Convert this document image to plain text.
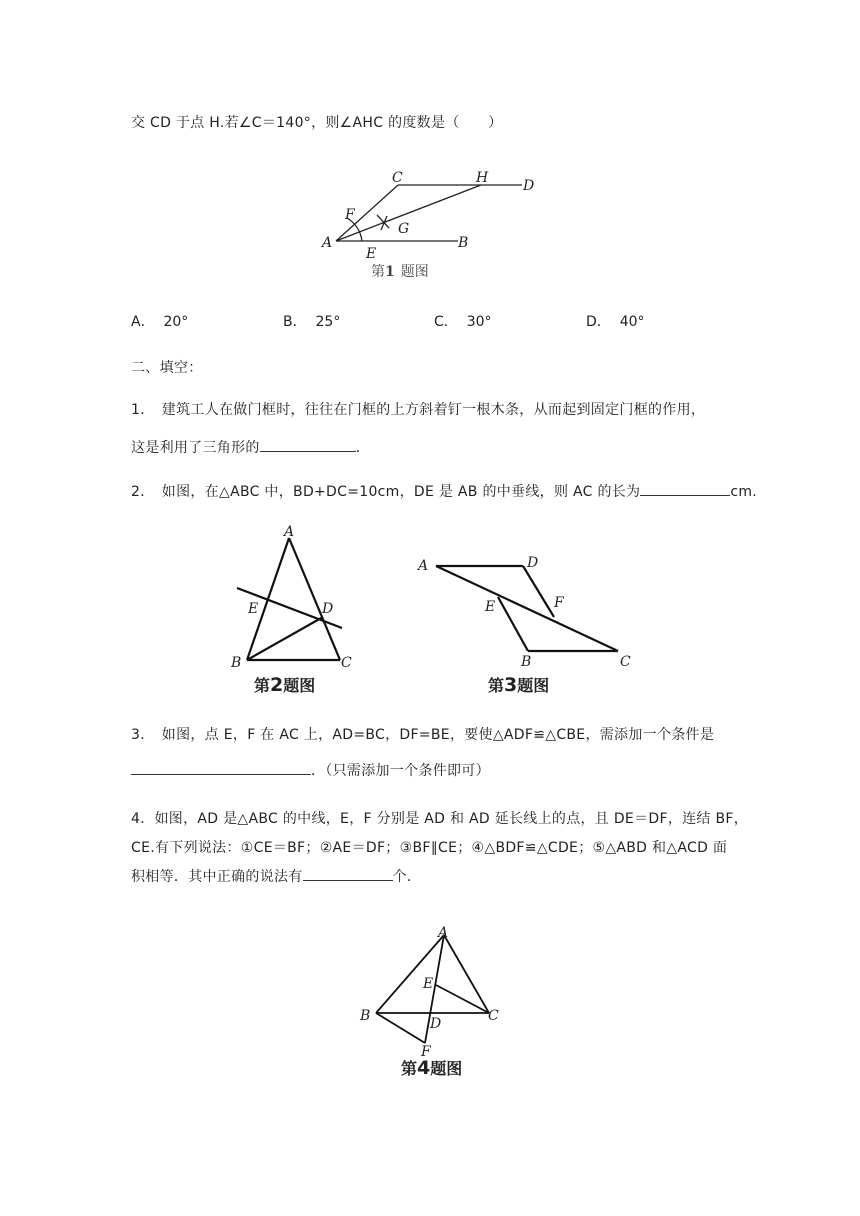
交 CD 于点 H.若∠C＝140°，则∠AHC 的度数是（　　）
A	B
C	D
E
F
G
H
第1 题图
A． 20°	B． 25°	C． 30°	D． 40°
二、填空：
1．　建筑工人在做门框时，往往在门框的上方斜着钉一根木条，从而起到固定门框的作用，
这是利用了三角形的	.
2．　如图，在△ABC 中，BD+DC=10cm，DE 是 AB 的中垂线，则 AC 的长为	cm.
A
B	C
D
E
第2题图
A
B	C
D
E	F
第3题图
3．　如图，点 E，F 在 AC 上，AD=BC，DF=BE，要使△ADF≌△CBE，需添加一个条件是
．（只需添加一个条件即可）
4．如图，AD 是△ABC 的中线，E，F 分别是 AD 和 AD 延长线上的点，且 DE＝DF，连结 BF，
CE.有下列说法：①CE＝BF；②AE＝DF；③BF∥CE；④△BDF≌△CDE；⑤△ABD 和△ACD 面
积相等．其中正确的说法有	个．
A
B	C
D
E
F
第4题图
